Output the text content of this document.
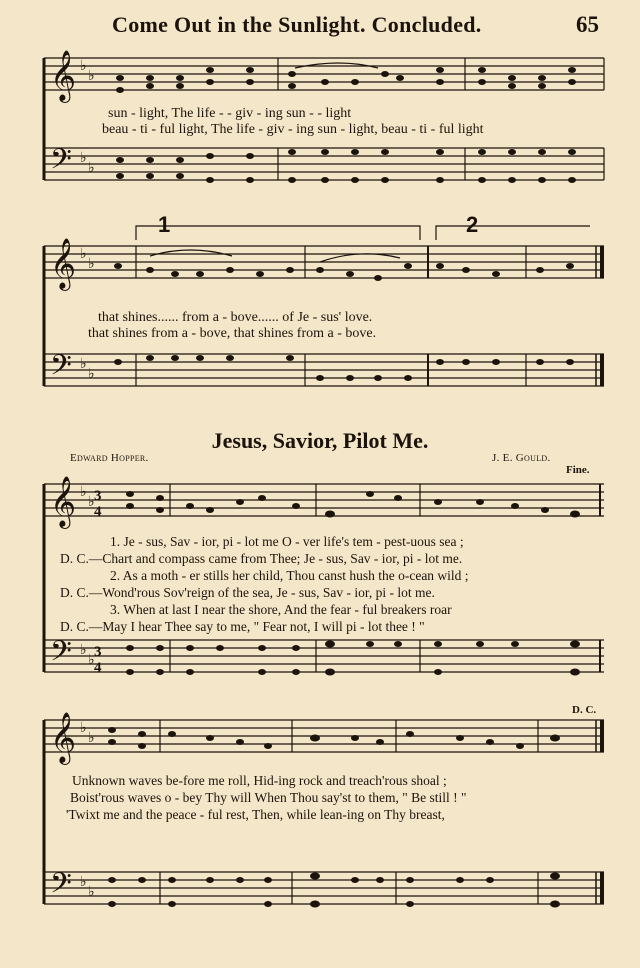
Come Out in the Sunlight. Concluded.	65
𝄞
𝄢
♭
♭
♭
♭
sun - light, The life - - giv - ing sun - - light
beau - ti - ful light, The life - giv - ing sun - light, beau - ti - ful light
𝄞
𝄢
♭
♭
♭
♭
1	2
that shines...... from a - bove...... of Je - sus' love.
that shines from a - bove, that shines from a - bove.
Jesus, Savior, Pilot Me.
Edward Hopper.	J. E. Gould.
Fine.
𝄞
𝄢
♭
♭
♭
♭
3
4
3
4
1. Je - sus, Sav - ior, pi - lot me O - ver life's tem - pest-uous sea ;
D. C.—Chart and compass came from Thee; Je - sus, Sav - ior, pi - lot me.
2. As a moth - er stills her child, Thou canst hush the o-cean wild ;
D. C.—Wond'rous Sov'reign of the sea, Je - sus, Sav - ior, pi - lot me.
3. When at last I near the shore, And the fear - ful breakers roar
D. C.—May I hear Thee say to me, " Fear not, I will pi - lot thee ! "
D. C.
𝄞
𝄢
♭
♭
♭
♭
Unknown waves be-fore me roll, Hid-ing rock and treach'rous shoal ;
Boist'rous waves o - bey Thy will When Thou say'st to them, " Be still ! "
'Twixt me and the peace - ful rest, Then, while lean-ing on Thy breast,
